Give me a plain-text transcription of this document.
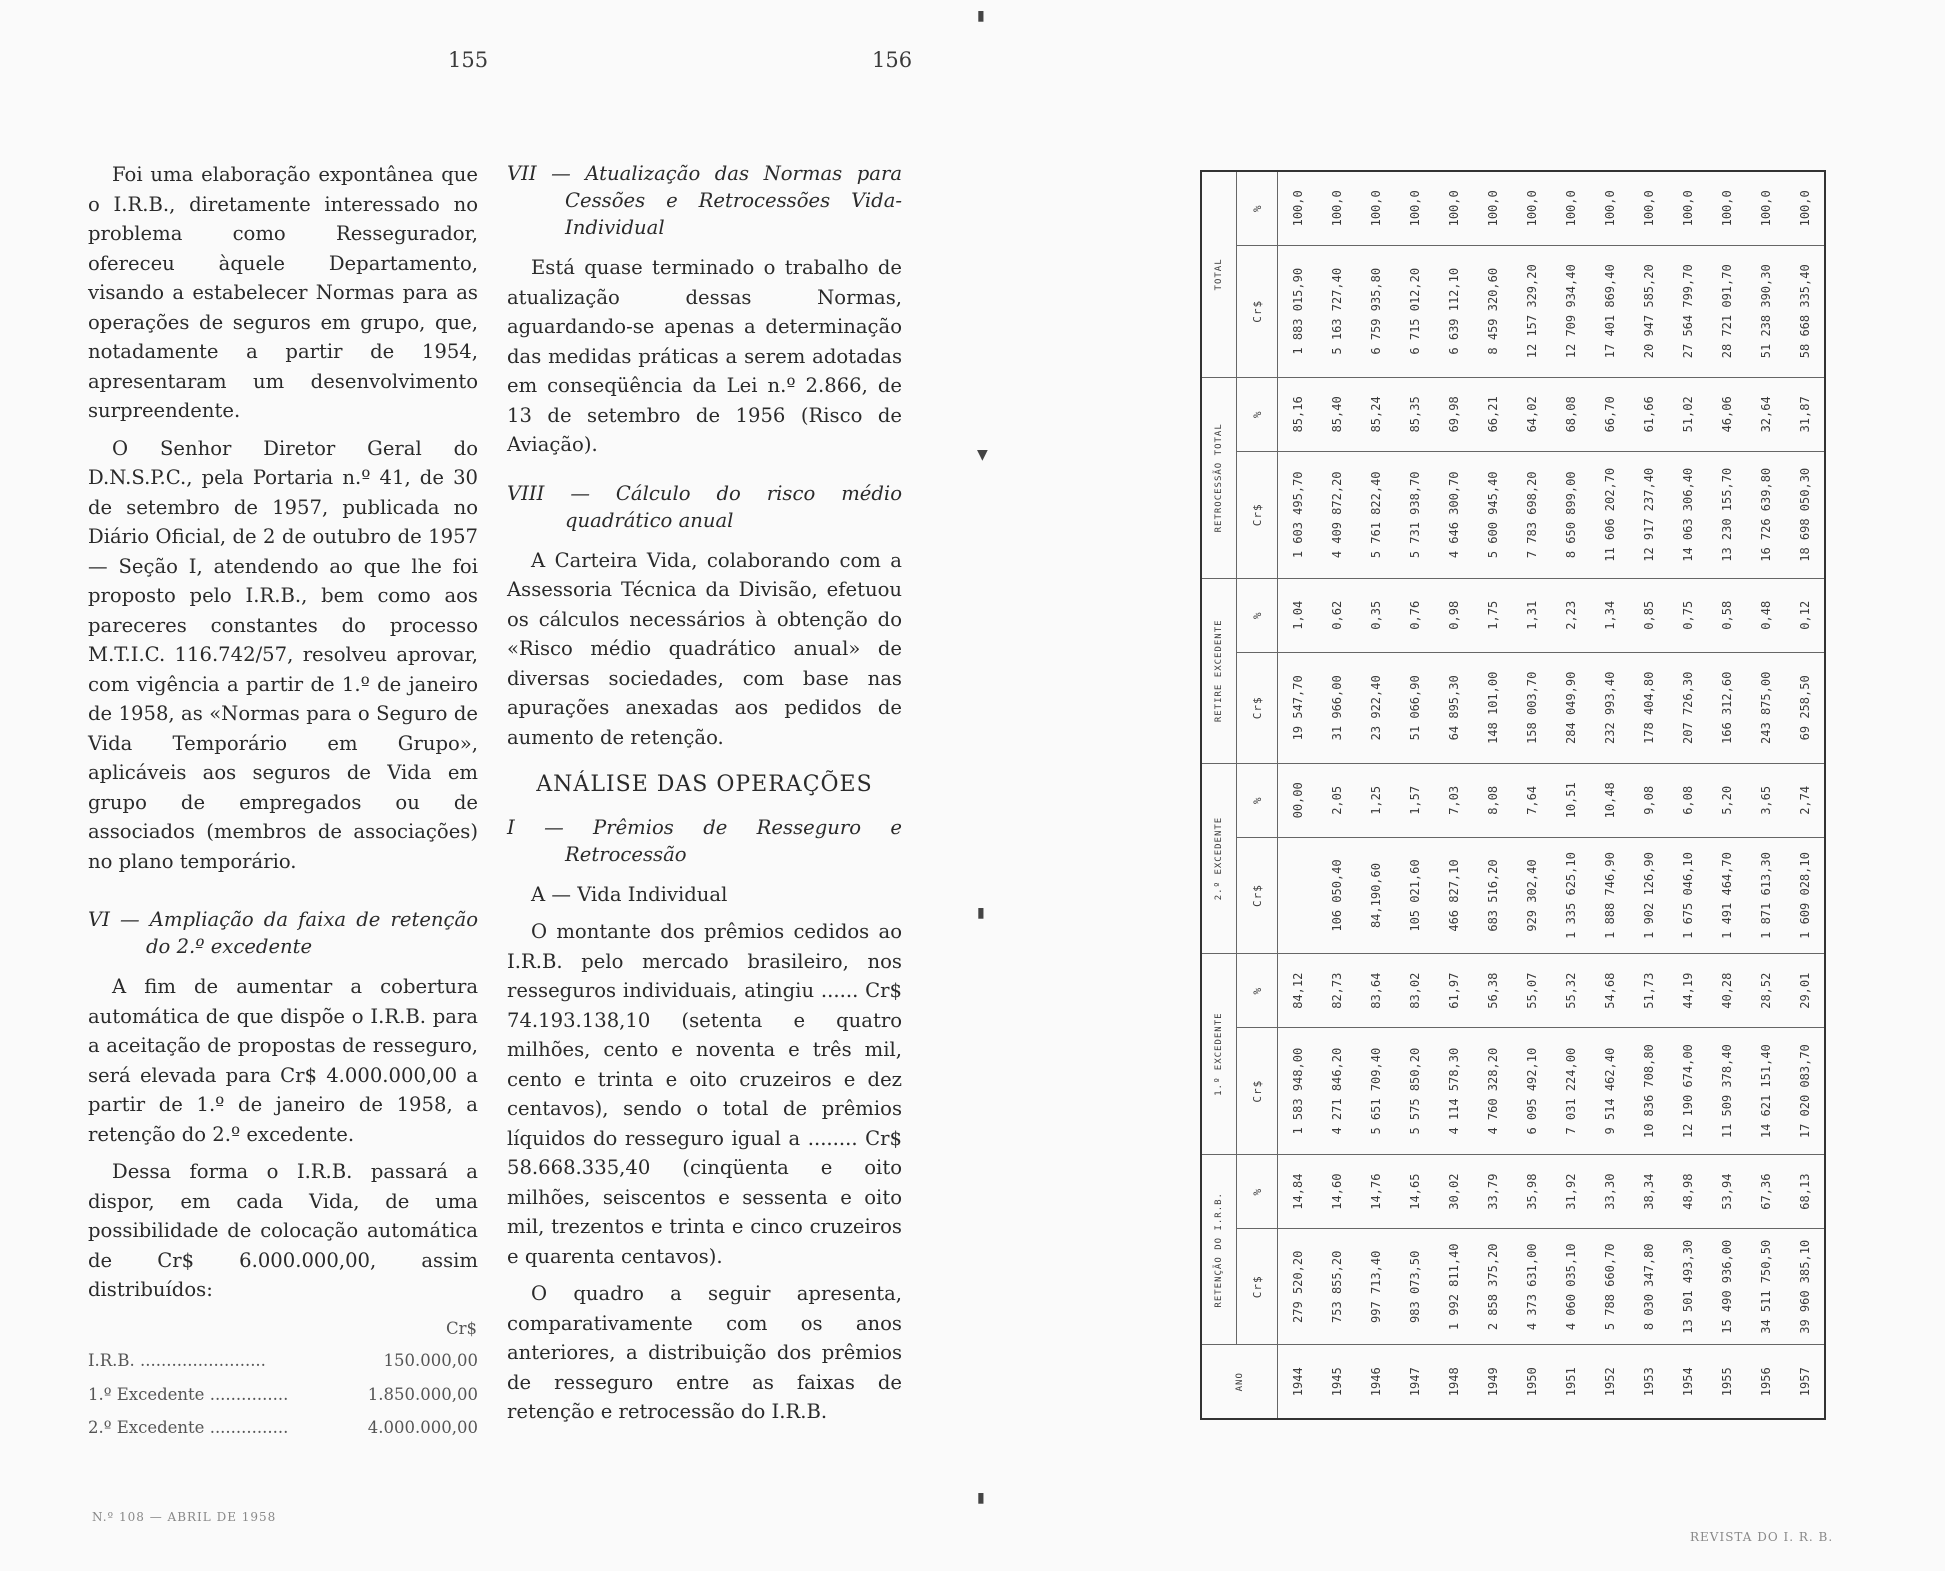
155	156

Foi uma elaboração expontânea que o I.R.B., diretamente interessado no problema como Ressegurador, ofereceu àquele Departamento, visando a estabelecer Normas para as operações de seguros em grupo, que, notadamente a partir de 1954, apresentaram um desenvolvimento surpreendente.

O Senhor Diretor Geral do D.N.S.P.C., pela Portaria n.º 41, de 30 de setembro de 1957, publicada no Diário Oficial, de 2 de outubro de 1957 — Seção I, atendendo ao que lhe foi proposto pelo I.R.B., bem como aos pareceres constantes do processo M.T.I.C. 116.742/57, resolveu aprovar, com vigência a partir de 1.º de janeiro de 1958, as «Normas para o Seguro de Vida Temporário em Grupo», aplicáveis aos seguros de Vida em grupo de empregados ou de associados (membros de associações) no plano temporário.

VI — Ampliação da faixa de retenção do 2.º excedente

A fim de aumentar a cobertura automática de que dispõe o I.R.B. para a aceitação de propostas de resseguro, será elevada para Cr$ 4.000.000,00 a partir de 1.º de janeiro de 1958, a retenção do 2.º excedente.

Dessa forma o I.R.B. passará a dispor, em cada Vida, de uma possibilidade de colocação automática de Cr$ 6.000.000,00, assim distribuídos:

Cr$	
I.R.B. ........................	150.000,00
1.º Excedente ...............	1.850.000,00
2.º Excedente ...............	4.000.000,00
VII — Atualização das Normas para Cessões e Retrocessões Vida-Individual

Está quase terminado o trabalho de atualização dessas Normas, aguardando-se apenas a determinação das medidas práticas a serem adotadas em conseqüência da Lei n.º 2.866, de 13 de setembro de 1956 (Risco de Aviação).

VIII — Cálculo do risco médio quadrático anual

A Carteira Vida, colaborando com a Assessoria Técnica da Divisão, efetuou os cálculos necessários à obtenção do «Risco médio quadrático anual» de diversas sociedades, com base nas apurações anexadas aos pedidos de aumento de retenção.

ANÁLISE DAS OPERAÇÕES
I — Prêmios de Resseguro e Retrocessão
A — Vida Individual

O montante dos prêmios cedidos ao I.R.B. pelo mercado brasileiro, nos resseguros individuais, atingiu ...... Cr$ 74.193.138,10 (setenta e quatro milhões, cento e noventa e três mil, cento e trinta e oito cruzeiros e dez centavos), sendo o total de prêmios líquidos do resseguro igual a ........ Cr$ 58.668.335,40 (cinqüenta e oito milhões, seiscentos e sessenta e oito mil, trezentos e trinta e cinco cruzeiros e quarenta centavos).

O quadro a seguir apresenta, comparativamente com os anos anteriores, a distribuição dos prêmios de resseguro entre as faixas de retenção e retrocessão do I.R.B.

N.º 108 — ABRIL DE 1958
▮
▼
▮
▮
ANO	RETENÇÃO DO I.R.B.		1.º EXCEDENTE		2.º EXCEDENTE		RETIRE EXCEDENTE		RETROCESSÃO TOTAL		TOTAL	
	Cr$	%	Cr$	%	Cr$	%	Cr$	%	Cr$	%	Cr$	%
1944	279 520,20	14,84	1 583 948,00	84,12		00,00	19 547,70	1,04	1 603 495,70	85,16	1 883 015,90	100,0
1945	753 855,20	14,60	4 271 846,20	82,73	106 050,40	2,05	31 966,00	0,62	4 409 872,20	85,40	5 163 727,40	100,0
1946	997 713,40	14,76	5 651 709,40	83,64	84,190,60	1,25	23 922,40	0,35	5 761 822,40	85,24	6 759 935,80	100,0
1947	983 073,50	14,65	5 575 850,20	83,02	105 021,60	1,57	51 066,90	0,76	5 731 938,70	85,35	6 715 012,20	100,0
1948	1 992 811,40	30,02	4 114 578,30	61,97	466 827,10	7,03	64 895,30	0,98	4 646 300,70	69,98	6 639 112,10	100,0
1949	2 858 375,20	33,79	4 760 328,20	56,38	683 516,20	8,08	148 101,00	1,75	5 600 945,40	66,21	8 459 320,60	100,0
1950	4 373 631,00	35,98	6 095 492,10	55,07	929 302,40	7,64	158 003,70	1,31	7 783 698,20	64,02	12 157 329,20	100,0
1951	4 060 035,10	31,92	7 031 224,00	55,32	1 335 625,10	10,51	284 049,90	2,23	8 650 899,00	68,08	12 709 934,40	100,0
1952	5 788 660,70	33,30	9 514 462,40	54,68	1 888 746,90	10,48	232 993,40	1,34	11 606 202,70	66,70	17 401 869,40	100,0
1953	8 030 347,80	38,34	10 836 708,80	51,73	1 902 126,90	9,08	178 404,80	0,85	12 917 237,40	61,66	20 947 585,20	100,0
1954	13 501 493,30	48,98	12 190 674,00	44,19	1 675 046,10	6,08	207 726,30	0,75	14 063 306,40	51,02	27 564 799,70	100,0
1955	15 490 936,00	53,94	11 509 378,40	40,28	1 491 464,70	5,20	166 312,60	0,58	13 230 155,70	46,06	28 721 091,70	100,0
1956	34 511 750,50	67,36	14 621 151,40	28,52	1 871 613,30	3,65	243 875,00	0,48	16 726 639,80	32,64	51 238 390,30	100,0
1957	39 960 385,10	68,13	17 020 083,70	29,01	1 609 028,10	2,74	69 258,50	0,12	18 698 050,30	31,87	58 668 335,40	100,0
REVISTA DO I. R. B.
